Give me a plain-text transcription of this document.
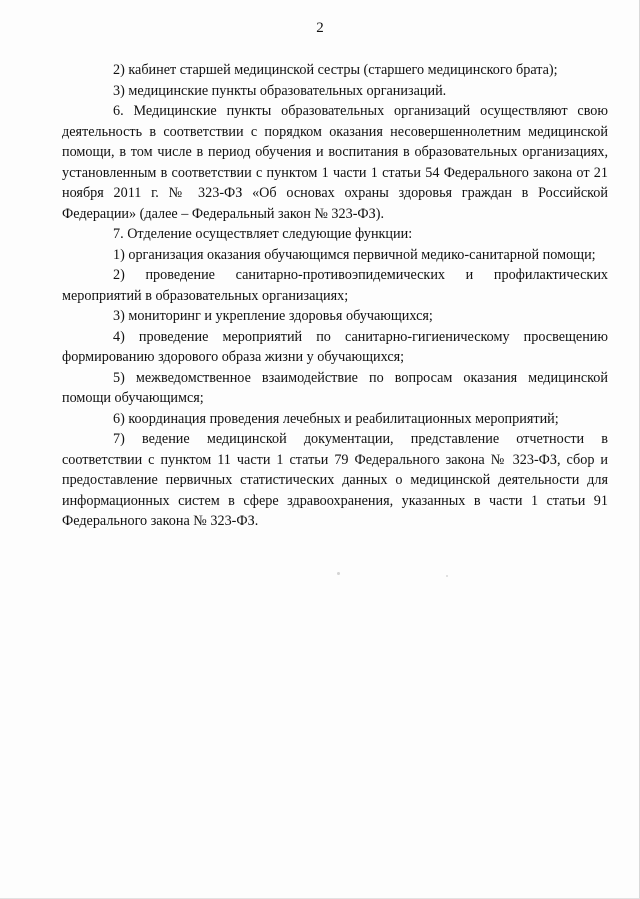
2

2) кабинет старшей медицинской сестры (старшего медицинского брата);

3) медицинские пункты образовательных организаций.

6. Медицинские пункты образовательных организаций осуществляют свою деятельность в соответствии с порядком оказания несовершеннолетним медицинской помощи, в том числе в период обучения и воспитания в образовательных организациях, установленным в соответствии с пунктом 1 части 1 статьи 54 Федерального закона от 21 ноября 2011 г. № 323-ФЗ «Об основах охраны здоровья граждан в Российской Федерации» (далее – Федеральный закон № 323-ФЗ).

7. Отделение осуществляет следующие функции:

1) организация оказания обучающимся первичной медико-санитарной помощи;

2) проведение санитарно-противоэпидемических и профилактических мероприятий в образовательных организациях;

3) мониторинг и укрепление здоровья обучающихся;

4) проведение мероприятий по санитарно-гигиеническому просвещению формированию здорового образа жизни у обучающихся;

5) межведомственное взаимодействие по вопросам оказания медицинской помощи обучающимся;

6) координация проведения лечебных и реабилитационных мероприятий;

7) ведение медицинской документации, представление отчетности в соответствии с пунктом 11 части 1 статьи 79 Федерального закона № 323-ФЗ, сбор и предоставление первичных статистических данных о медицинской деятельности для информационных систем в сфере здравоохранения, указанных в части 1 статьи 91 Федерального закона № 323-ФЗ.
